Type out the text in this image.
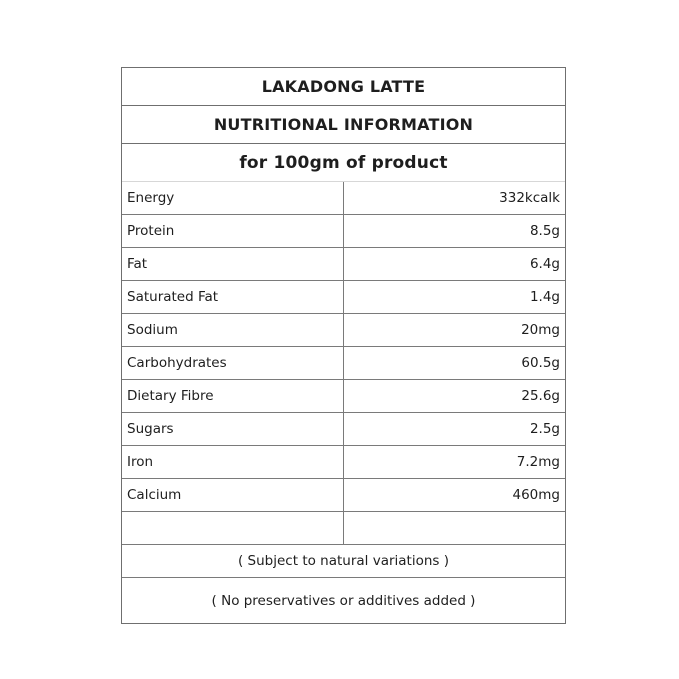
LAKADONG LATTE
NUTRITIONAL INFORMATION
for 100gm of product
Energy	332kcalk
Protein	8.5g
Fat	6.4g
Saturated Fat	1.4g
Sodium	20mg
Carbohydrates	60.5g
Dietary Fibre	25.6g
Sugars	2.5g
Iron	7.2mg
Calcium	460mg
( Subject to natural variations )
( No preservatives or additives added )
